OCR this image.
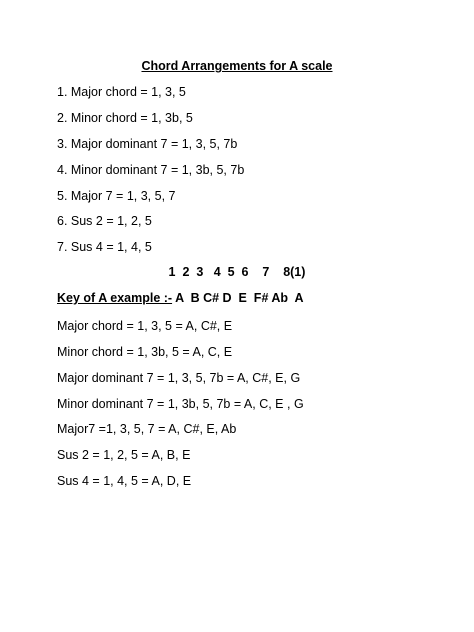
Chord Arrangements for A scale
1. Major chord = 1, 3, 5
2. Minor chord = 1, 3b, 5
3. Major dominant 7 = 1, 3, 5, 7b
4. Minor dominant 7 = 1, 3b, 5, 7b
5. Major 7 = 1, 3, 5, 7
6. Sus 2 = 1, 2, 5
7. Sus 4 = 1, 4, 5
1  2  3   4  5  6    7    8(1)
Key of A example :- A  B C# D  E  F# Ab  A
Major chord = 1, 3, 5 = A, C#, E
Minor chord = 1, 3b, 5 = A, C, E
Major dominant 7 = 1, 3, 5, 7b = A, C#, E, G
Minor dominant 7 = 1, 3b, 5, 7b = A, C, E , G
Major7 =1, 3, 5, 7 = A, C#, E, Ab
Sus 2 = 1, 2, 5 = A, B, E
Sus 4 = 1, 4, 5 = A, D, E
